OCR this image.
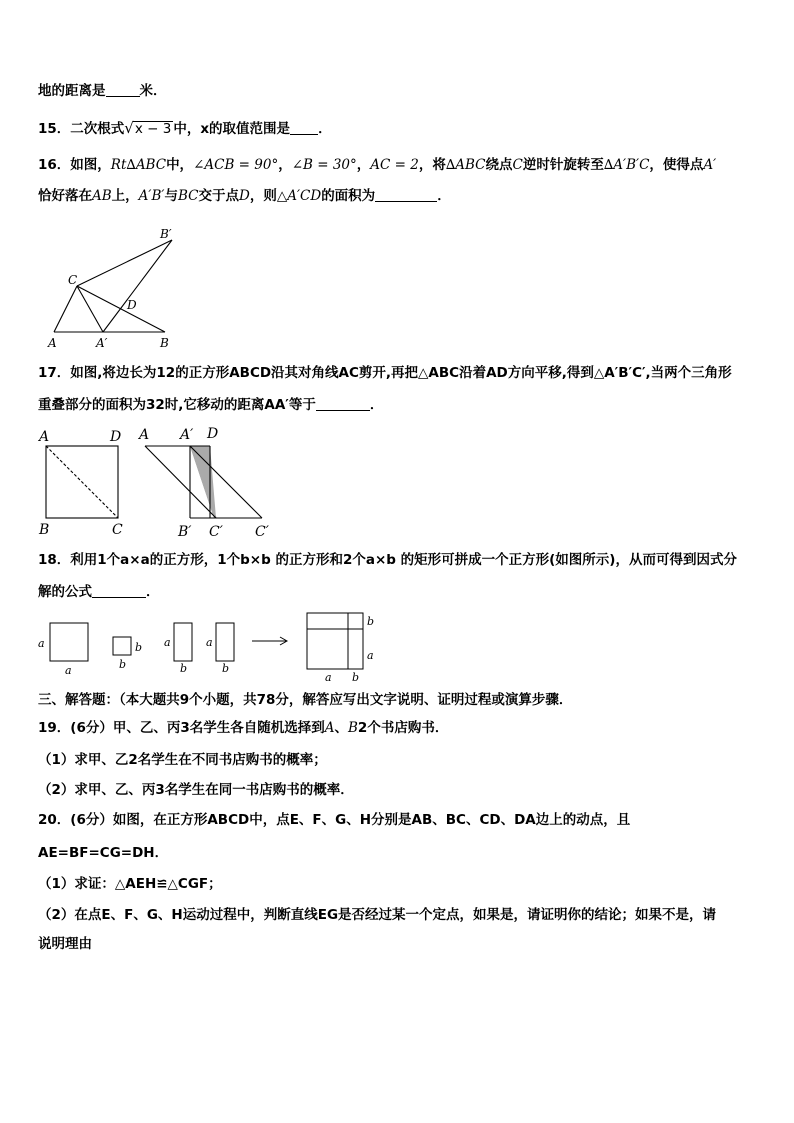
地的距离是	米．
15．二次根式√x − 3 中，x的取值范围是 ．
16．如图，Rt∆ABC中，∠ACB = 90°，∠B = 30°，AC = 2，将∆ABC绕点C逆时针旋转至∆A′B′C，使得点A′
恰好落在AB上，A′B′与BC交于点D，则△A′CD的面积为	．
C
A	A′	B
B′
D
17．如图,将边长为12的正方形ABCD沿其对角线AC剪开,再把△ABC沿着AD方向平移,得到△A′B′C′,当两个三角形
重叠部分的面积为32时,它移动的距离AA′等于	．
A	D
B	C
A A′ D
B′ C′ C′
18．利用1个a×a的正方形，1个b×b 的正方形和2个a×b 的矩形可拼成一个正方形(如图所示)，从而可得到因式分
解的公式	．
a
a
b
b
a
b
a
b
b
a
a b
三、解答题：（本大题共9个小题，共78分，解答应写出文字说明、证明过程或演算步骤．
19．(6分）甲、乙、丙3名学生各自随机选择到A、B2个书店购书．
（1）求甲、乙2名学生在不同书店购书的概率；
（2）求甲、乙、丙3名学生在同一书店购书的概率．
20．(6分）如图，在正方形ABCD中，点E、F、G、H分别是AB、BC、CD、DA边上的动点，且
AE=BF=CG=DH．
（1）求证：△AEH≌△CGF；
（2）在点E、F、G、H运动过程中，判断直线EG是否经过某一个定点，如果是，请证明你的结论；如果不是，请
说明理由
